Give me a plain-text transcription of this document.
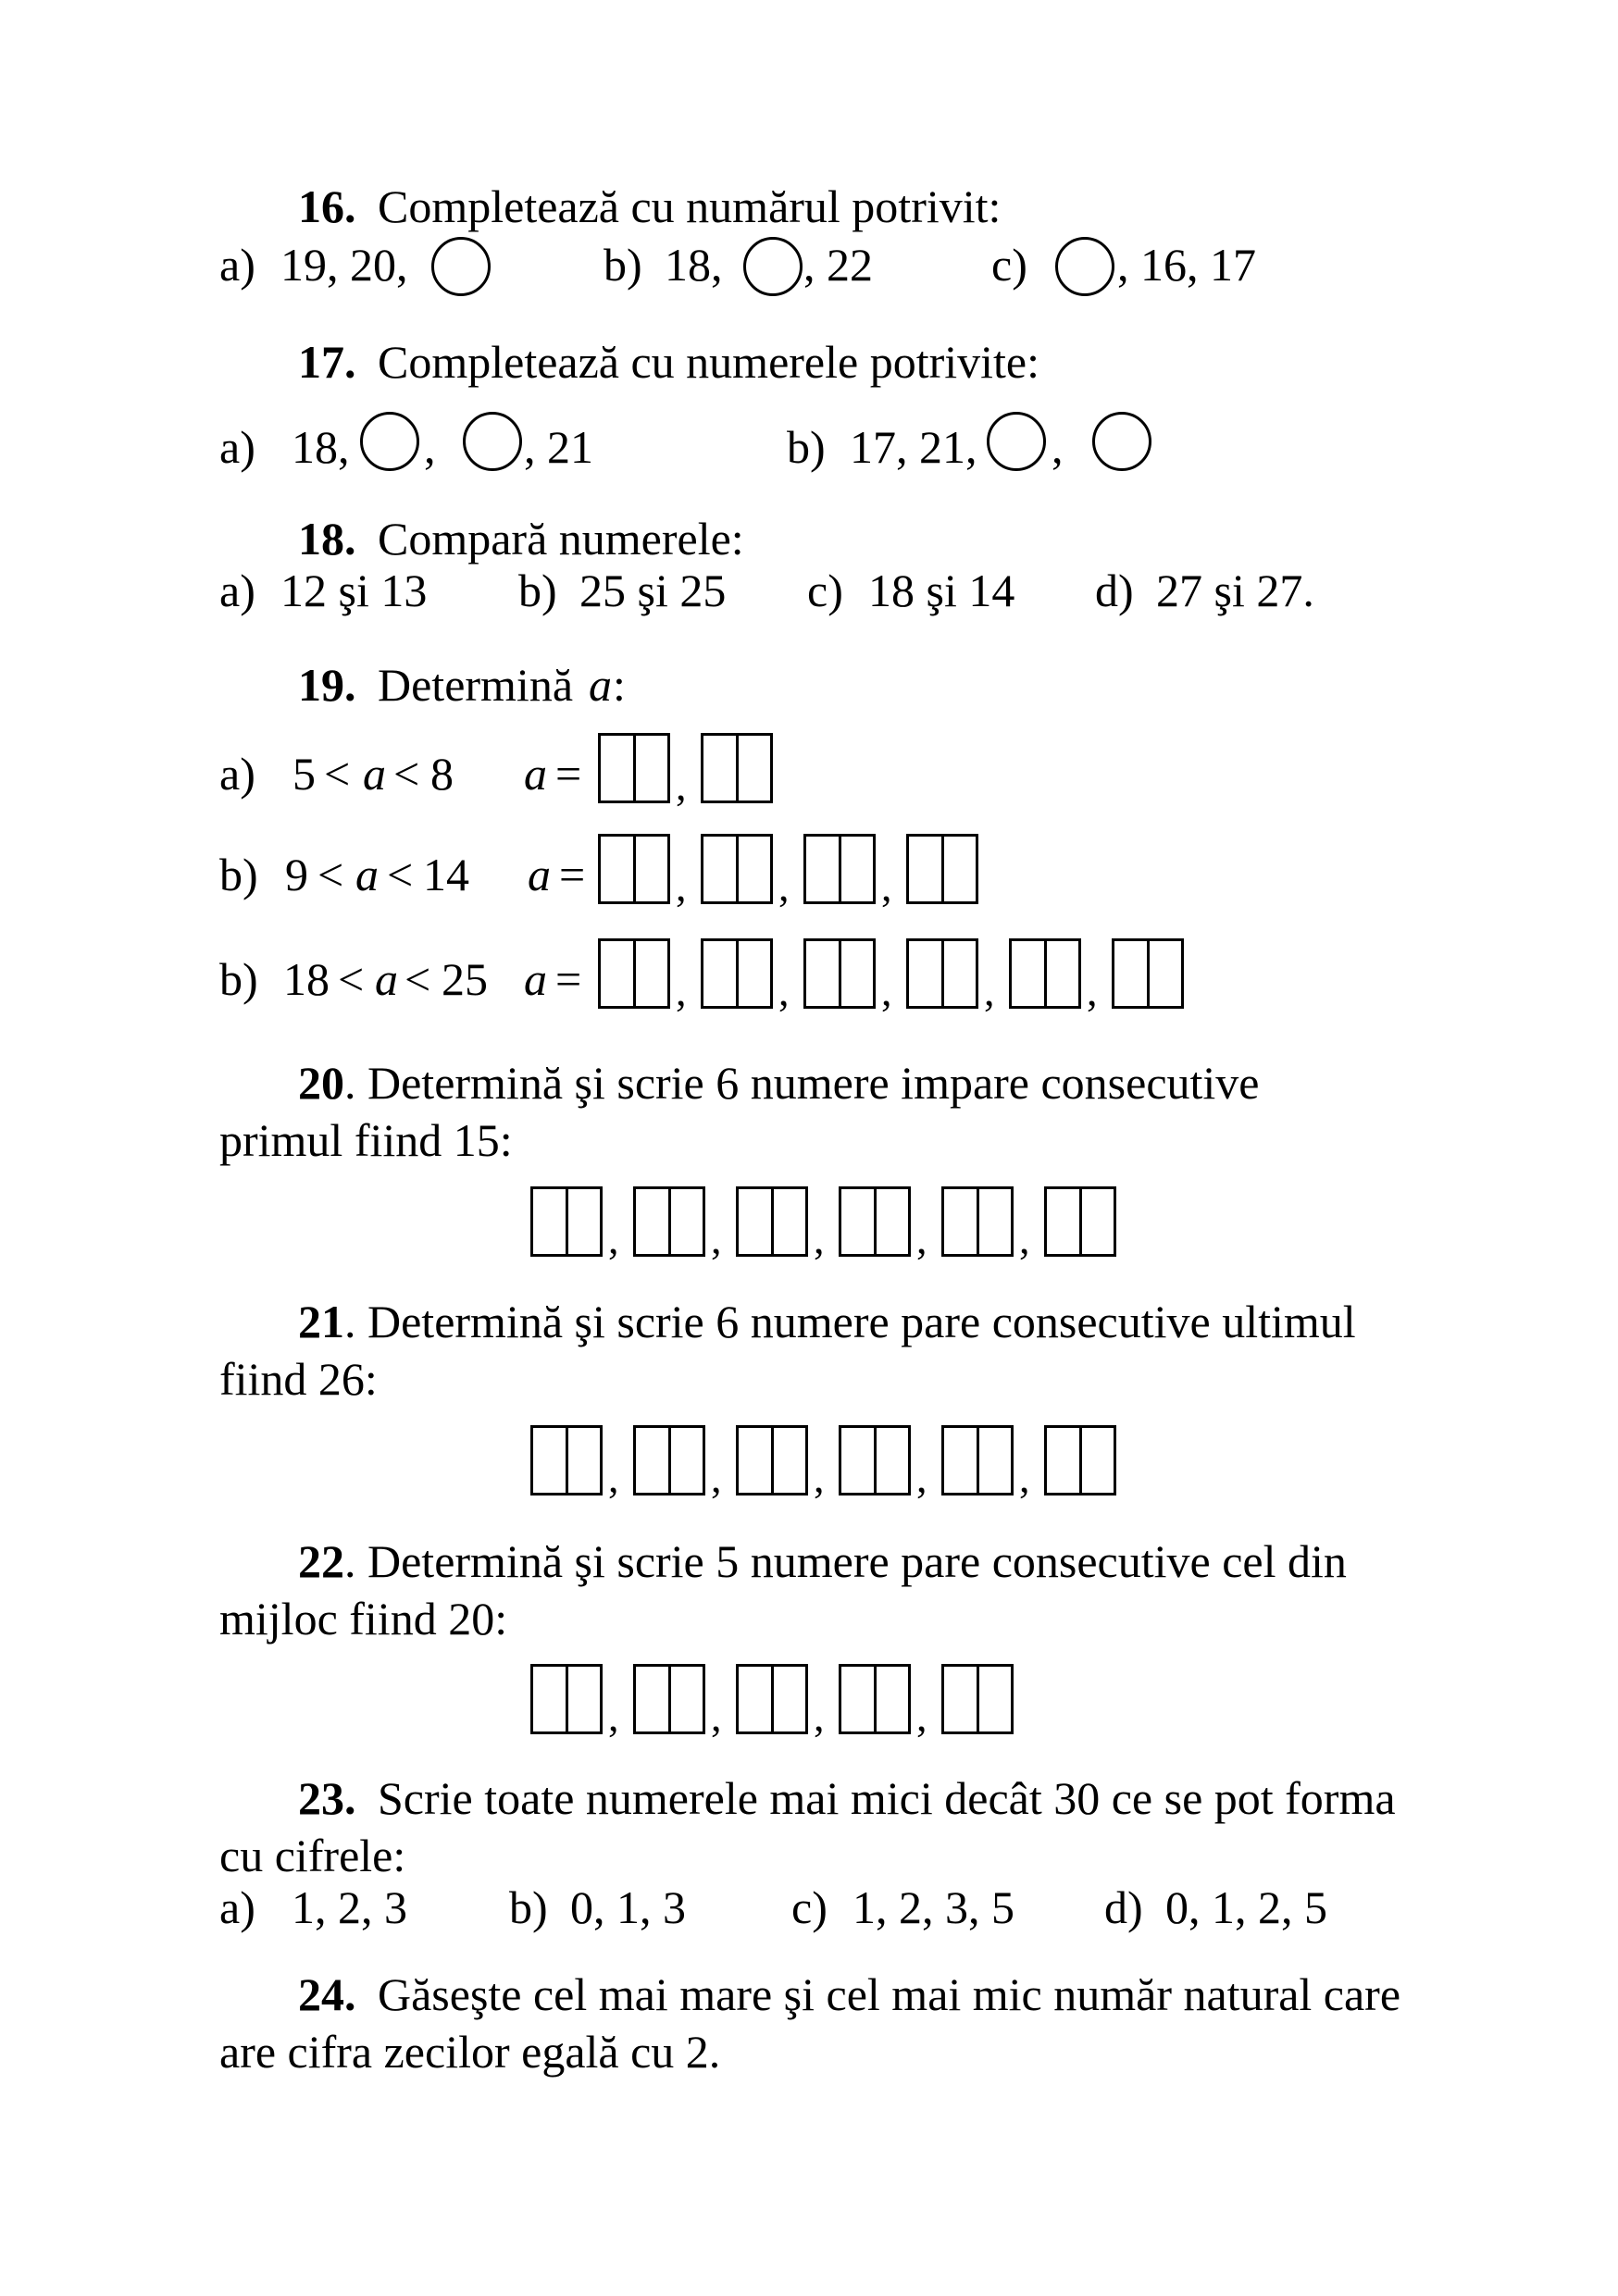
16. Completează cu numărul potrivit:
a) 19, 20,	b) 18, , 22	c) , 16, 17
17. Completează cu numerele potrivite:
a) 18, , , 21	b) 17, 21, ,
18. Compară numerele:
a) 12 şi 13 b) 25 şi 25 c) 18 şi 14 d) 27 şi 27.
19. Determină a :
a) 5 < a < 8 a = ,
b) 9 < a < 14 a = , , ,
b) 18 < a < 25 a = , , , , ,
20 . Determină şi scrie 6 numere impare consecutive
primul fiind 15:
, , , , ,
21 . Determină şi scrie 6 numere pare consecutive ultimul
fiind 26:
, , , , ,
22 . Determină şi scrie 5 numere pare consecutive cel din
mijloc fiind 20:
, , , ,
23. Scrie toate numerele mai mici decât 30 ce se pot forma
cu cifrele:
a) 1, 2, 3 b) 0, 1, 3 c) 1, 2, 3, 5 d) 0, 1, 2, 5
24. Găseşte cel mai mare şi cel mai mic număr natural care
are cifra zecilor egală cu 2.
